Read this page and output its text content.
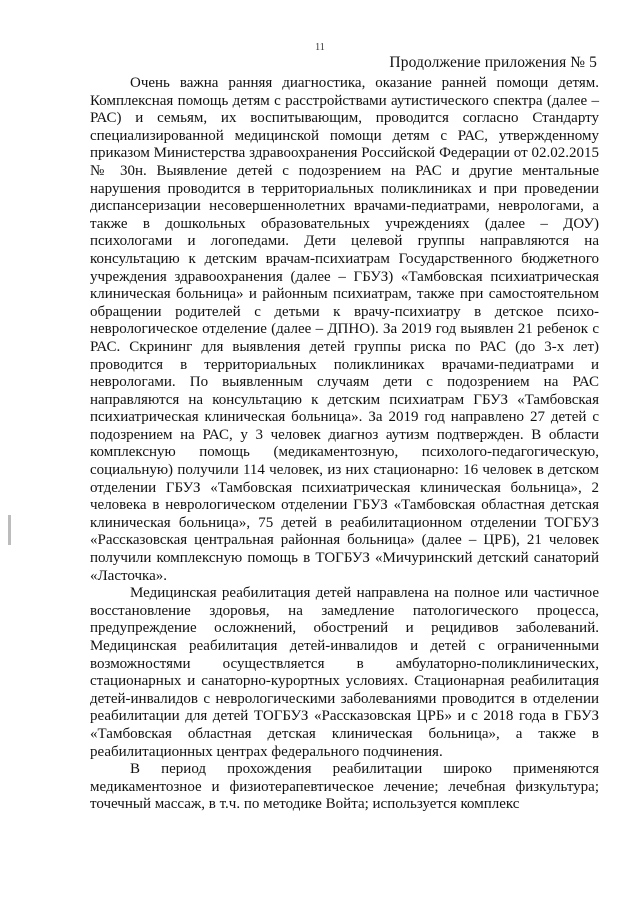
11
Продолжение приложения № 5

Очень важна ранняя диагностика, оказание ранней помощи детям. Комплексная помощь детям с расстройствами аутистического спектра (далее – РАС) и семьям, их воспитывающим, проводится согласно Стандарту специализированной медицинской помощи детям с РАС, утвержденному приказом Министерства здравоохранения Российской Федерации от 02.02.2015 № 30н. Выявление детей с подозрением на РАС и другие ментальные нарушения проводится в территориальных поликлиниках и при проведении диспансеризации несовершеннолетних врачами-педиатрами, неврологами, а также в дошкольных образовательных учреждениях (далее – ДОУ) психологами и логопедами. Дети целевой группы направляются на консультацию к детским врачам-психиатрам Государственного бюджетного учреждения здравоохранения (далее – ГБУЗ) «Тамбовская психиатрическая клиническая больница» и районным психиатрам, также при самостоятельном обращении родителей с детьми к врачу-психиатру в детское психо-неврологическое отделение (далее – ДПНО). За 2019 год выявлен 21 ребенок с РАС. Скрининг для выявления детей группы риска по РАС (до 3-х лет) проводится в территориальных поликлиниках врачами-педиатрами и неврологами. По выявленным случаям дети с подозрением на РАС направляются на консультацию к детским психиатрам ГБУЗ «Тамбовская психиатрическая клиническая больница». За 2019 год направлено 27 детей с подозрением на РАС, у 3 человек диагноз аутизм подтвержден. В области комплексную помощь (медикаментозную, психолого-педагогическую, социальную) получили 114 человек, из них стационарно: 16 человек в детском отделении ГБУЗ «Тамбовская психиатрическая клиническая больница», 2 человека в неврологическом отделении ГБУЗ «Тамбовская областная детская клиническая больница», 75 детей в реабилитационном отделении ТОГБУЗ «Рассказовская центральная районная больница» (далее – ЦРБ), 21 человек получили комплексную помощь в ТОГБУЗ «Мичуринский детский санаторий «Ласточка».

Медицинская реабилитация детей направлена на полное или частичное восстановление здоровья, на замедление патологического процесса, предупреждение осложнений, обострений и рецидивов заболеваний. Медицинская реабилитация детей-инвалидов и детей с ограниченными возможностями осуществляется в амбулаторно-поликлинических, стационарных и санаторно-курортных условиях. Стационарная реабилитация детей-инвалидов с неврологическими заболеваниями проводится в отделении реабилитации для детей ТОГБУЗ «Рассказовская ЦРБ» и с 2018 года в ГБУЗ «Тамбовская областная детская клиническая больница», а также в реабилитационных центрах федерального подчинения.

В период прохождения реабилитации широко применяются медикаментозное и физиотерапевтическое лечение; лечебная физкультура; точечный массаж, в т.ч. по методике Войта; используется комплекс
